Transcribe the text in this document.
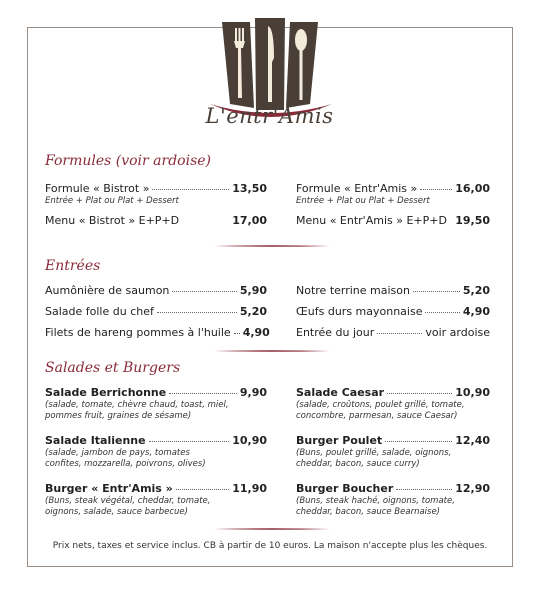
L'entr'Amis
Formules (voir ardoise)
Formule « Bistrot »	13,50
Entrée + Plat ou Plat + Dessert
Menu « Bistrot » E+P+D	17,00
Formule « Entr'Amis »	16,00
Entrée + Plat ou Plat + Dessert
Menu « Entr'Amis » E+P+D 19,50
Entrées
Aumônière de saumon	5,90
Salade folle du chef	5,20
Filets de hareng pommes à l'huile 4,90
Notre terrine maison	5,20
Œufs durs mayonnaise	4,90
Entrée du jour	voir ardoise
Salades et Burgers
Salade Berrichonne	9,90
(salade, tomate, chèvre chaud, toast, miel,
pommes fruit, graines de sésame)
Salade Italienne	10,90
(salade, jambon de pays, tomates
confites, mozzarella, poivrons, olives)
Burger « Entr'Amis »	11,90
(Buns, steak végétal, cheddar, tomate,
oignons, salade, sauce barbecue)
Salade Caesar	10,90
(salade, croûtons, poulet grillé, tomate,
concombre, parmesan, sauce Caesar)
Burger Poulet	12,40
(Buns, poulet grillé, salade, oignons,
cheddar, bacon, sauce curry)
Burger Boucher	12,90
(Buns, steak haché, oignons, tomate,
cheddar, bacon, sauce Bearnaise)
Prix nets, taxes et service inclus. CB à partir de 10 euros. La maison n'accepte plus les chèques.
